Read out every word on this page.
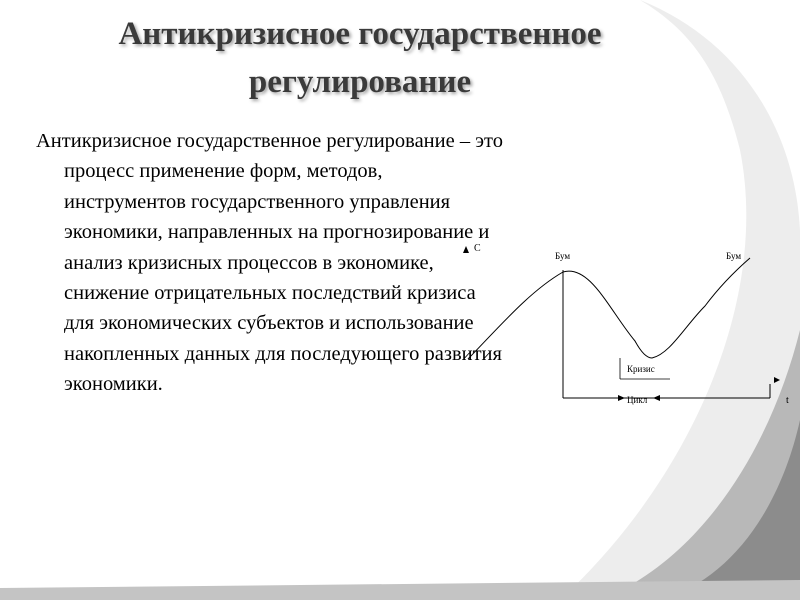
Антикризисное государственное
регулирование
Антикризисное государственное регулирование – это процесс применение форм, методов, инструментов государственного управления экономики, направленных на прогнозирование и анализ кризисных процессов в экономике, снижение отрицательных последствий кризиса для экономических субъектов и использование накопленных данных для последующего развития экономики.
С
t
Бум	Бум
Кризис
Цикл
